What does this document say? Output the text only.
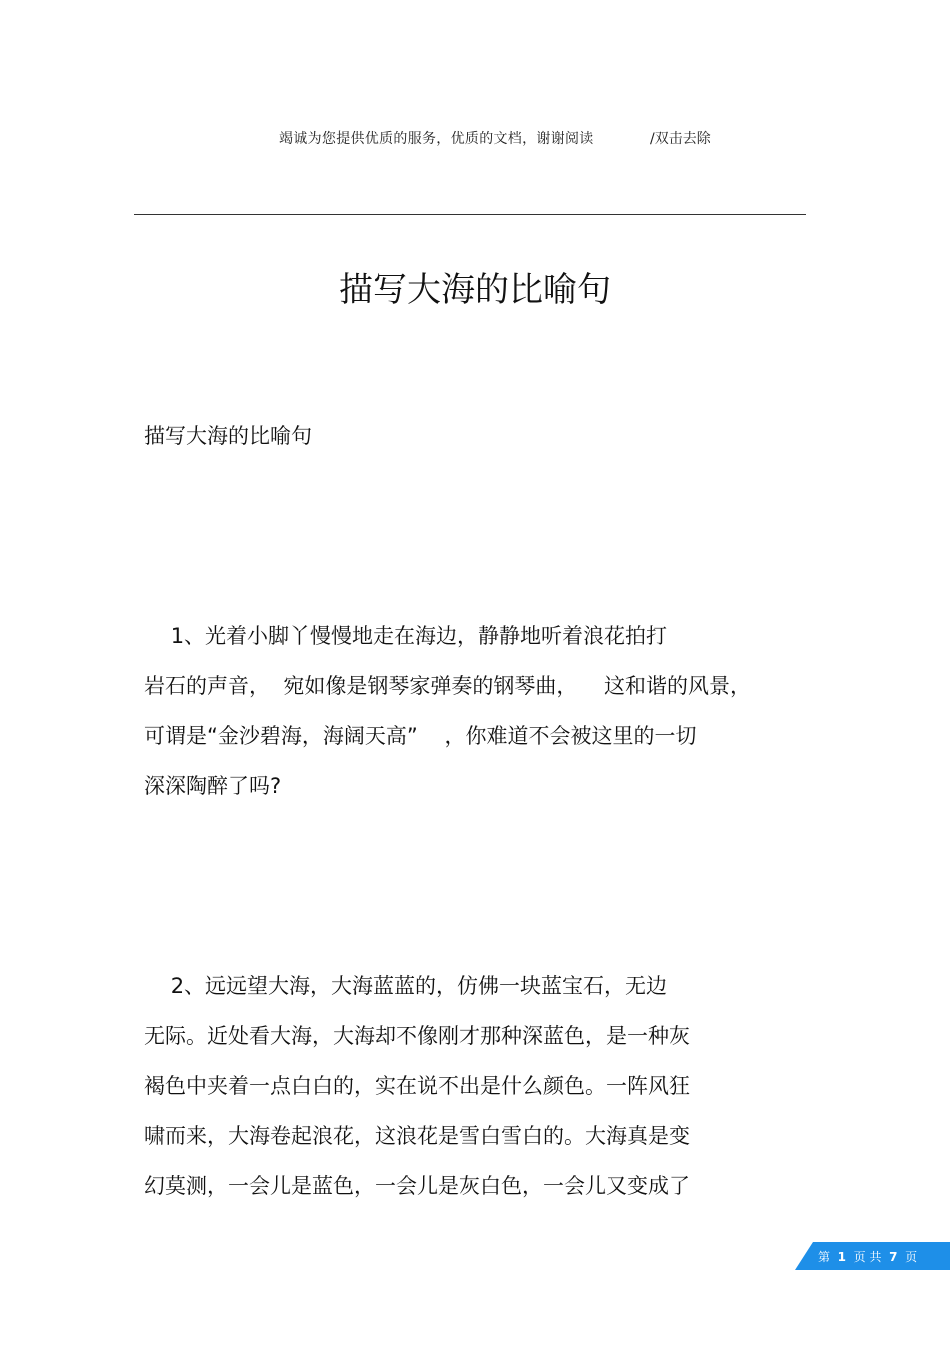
竭诚为您提供优质的服务，优质的文档，谢谢阅读	/双击去除
描写大海的比喻句
描写大海的比喻句
1、光着小脚丫慢慢地走在海边，静静地听着浪花拍打
岩石的声音，  宛如像是钢琴家弹奏的钢琴曲，    这和谐的风景，
可谓是“金沙碧海，海阔天高”    ，你难道不会被这里的一切
深深陶醉了吗?
2、远远望大海，大海蓝蓝的，仿佛一块蓝宝石，无边
无际。近处看大海，大海却不像刚才那种深蓝色，是一种灰
褐色中夹着一点白白的，实在说不出是什么颜色。一阵风狂
啸而来，大海卷起浪花，这浪花是雪白雪白的。大海真是变
幻莫测，一会儿是蓝色，一会儿是灰白色，一会儿又变成了
第 1 页 共 7 页
